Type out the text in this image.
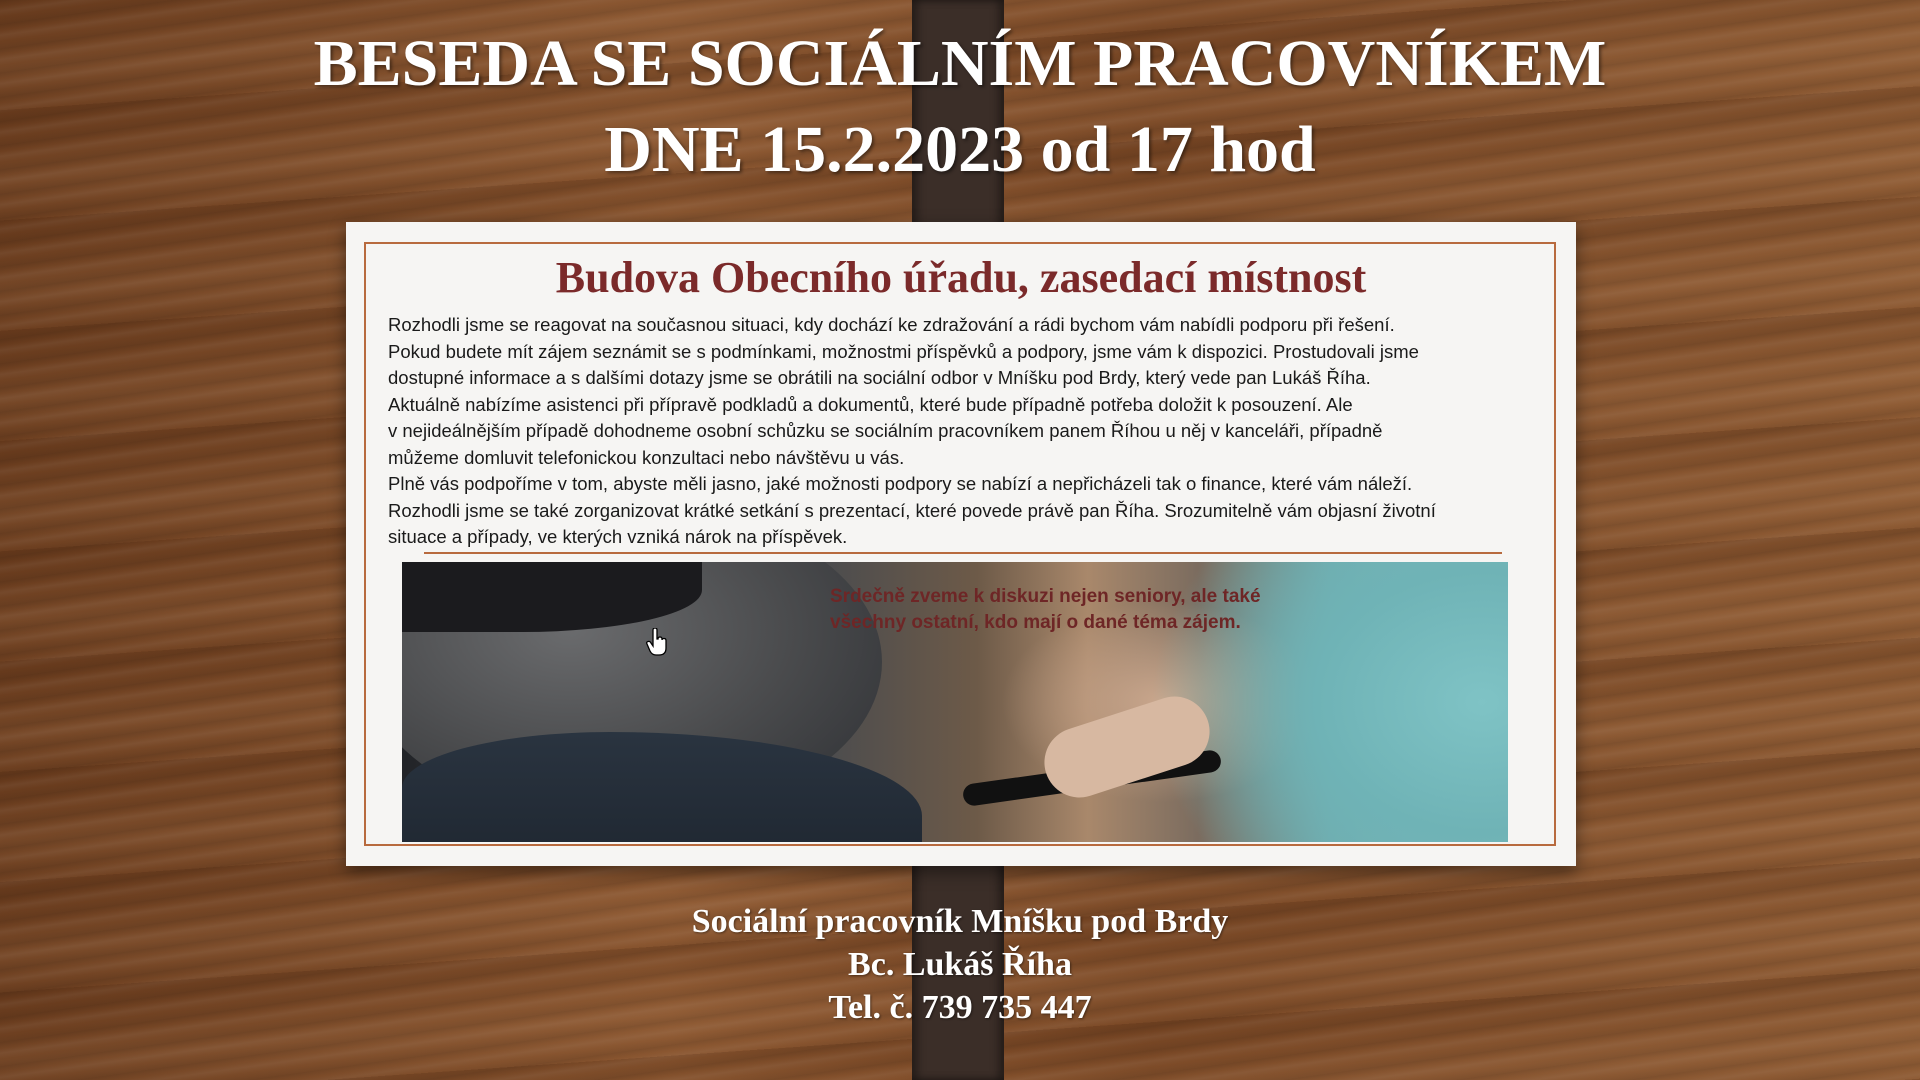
BESEDA SE SOCIÁLNÍM PRACOVNÍKEM
DNE 15.2.2023 od 17 hod
Budova Obecního úřadu, zasedací místnost

Rozhodli jsme se reagovat na současnou situaci, kdy dochází ke zdražování a rádi bychom vám nabídli podporu při řešení.

Pokud budete mít zájem seznámit se s podmínkami, možnostmi příspěvků a podpory, jsme vám k dispozici. Prostudovali jsme

dostupné informace a s dalšími dotazy jsme se obrátili na sociální odbor v Mníšku pod Brdy, který vede pan Lukáš Říha.

Aktuálně nabízíme asistenci při přípravě podkladů a dokumentů, které bude případně potřeba doložit k posouzení. Ale

v nejideálnějším případě dohodneme osobní schůzku se sociálním pracovníkem panem Říhou u něj v kanceláři, případně

můžeme domluvit telefonickou konzultaci nebo návštěvu u vás.

Plně vás podpoříme v tom, abyste měli jasno, jaké možnosti podpory se nabízí a nepřicházeli tak o finance, které vám náleží.

Rozhodli jsme se také zorganizovat krátké setkání s prezentací, které povede právě pan Říha. Srozumitelně vám objasní životní

situace a případy, ve kterých vzniká nárok na příspěvek.

Srdečně zveme k diskuzi nejen seniory, ale také
všechny ostatní, kdo mají o dané téma zájem.
Sociální pracovník Mníšku pod Brdy
Bc. Lukáš Říha
Tel. č. 739 735 447
